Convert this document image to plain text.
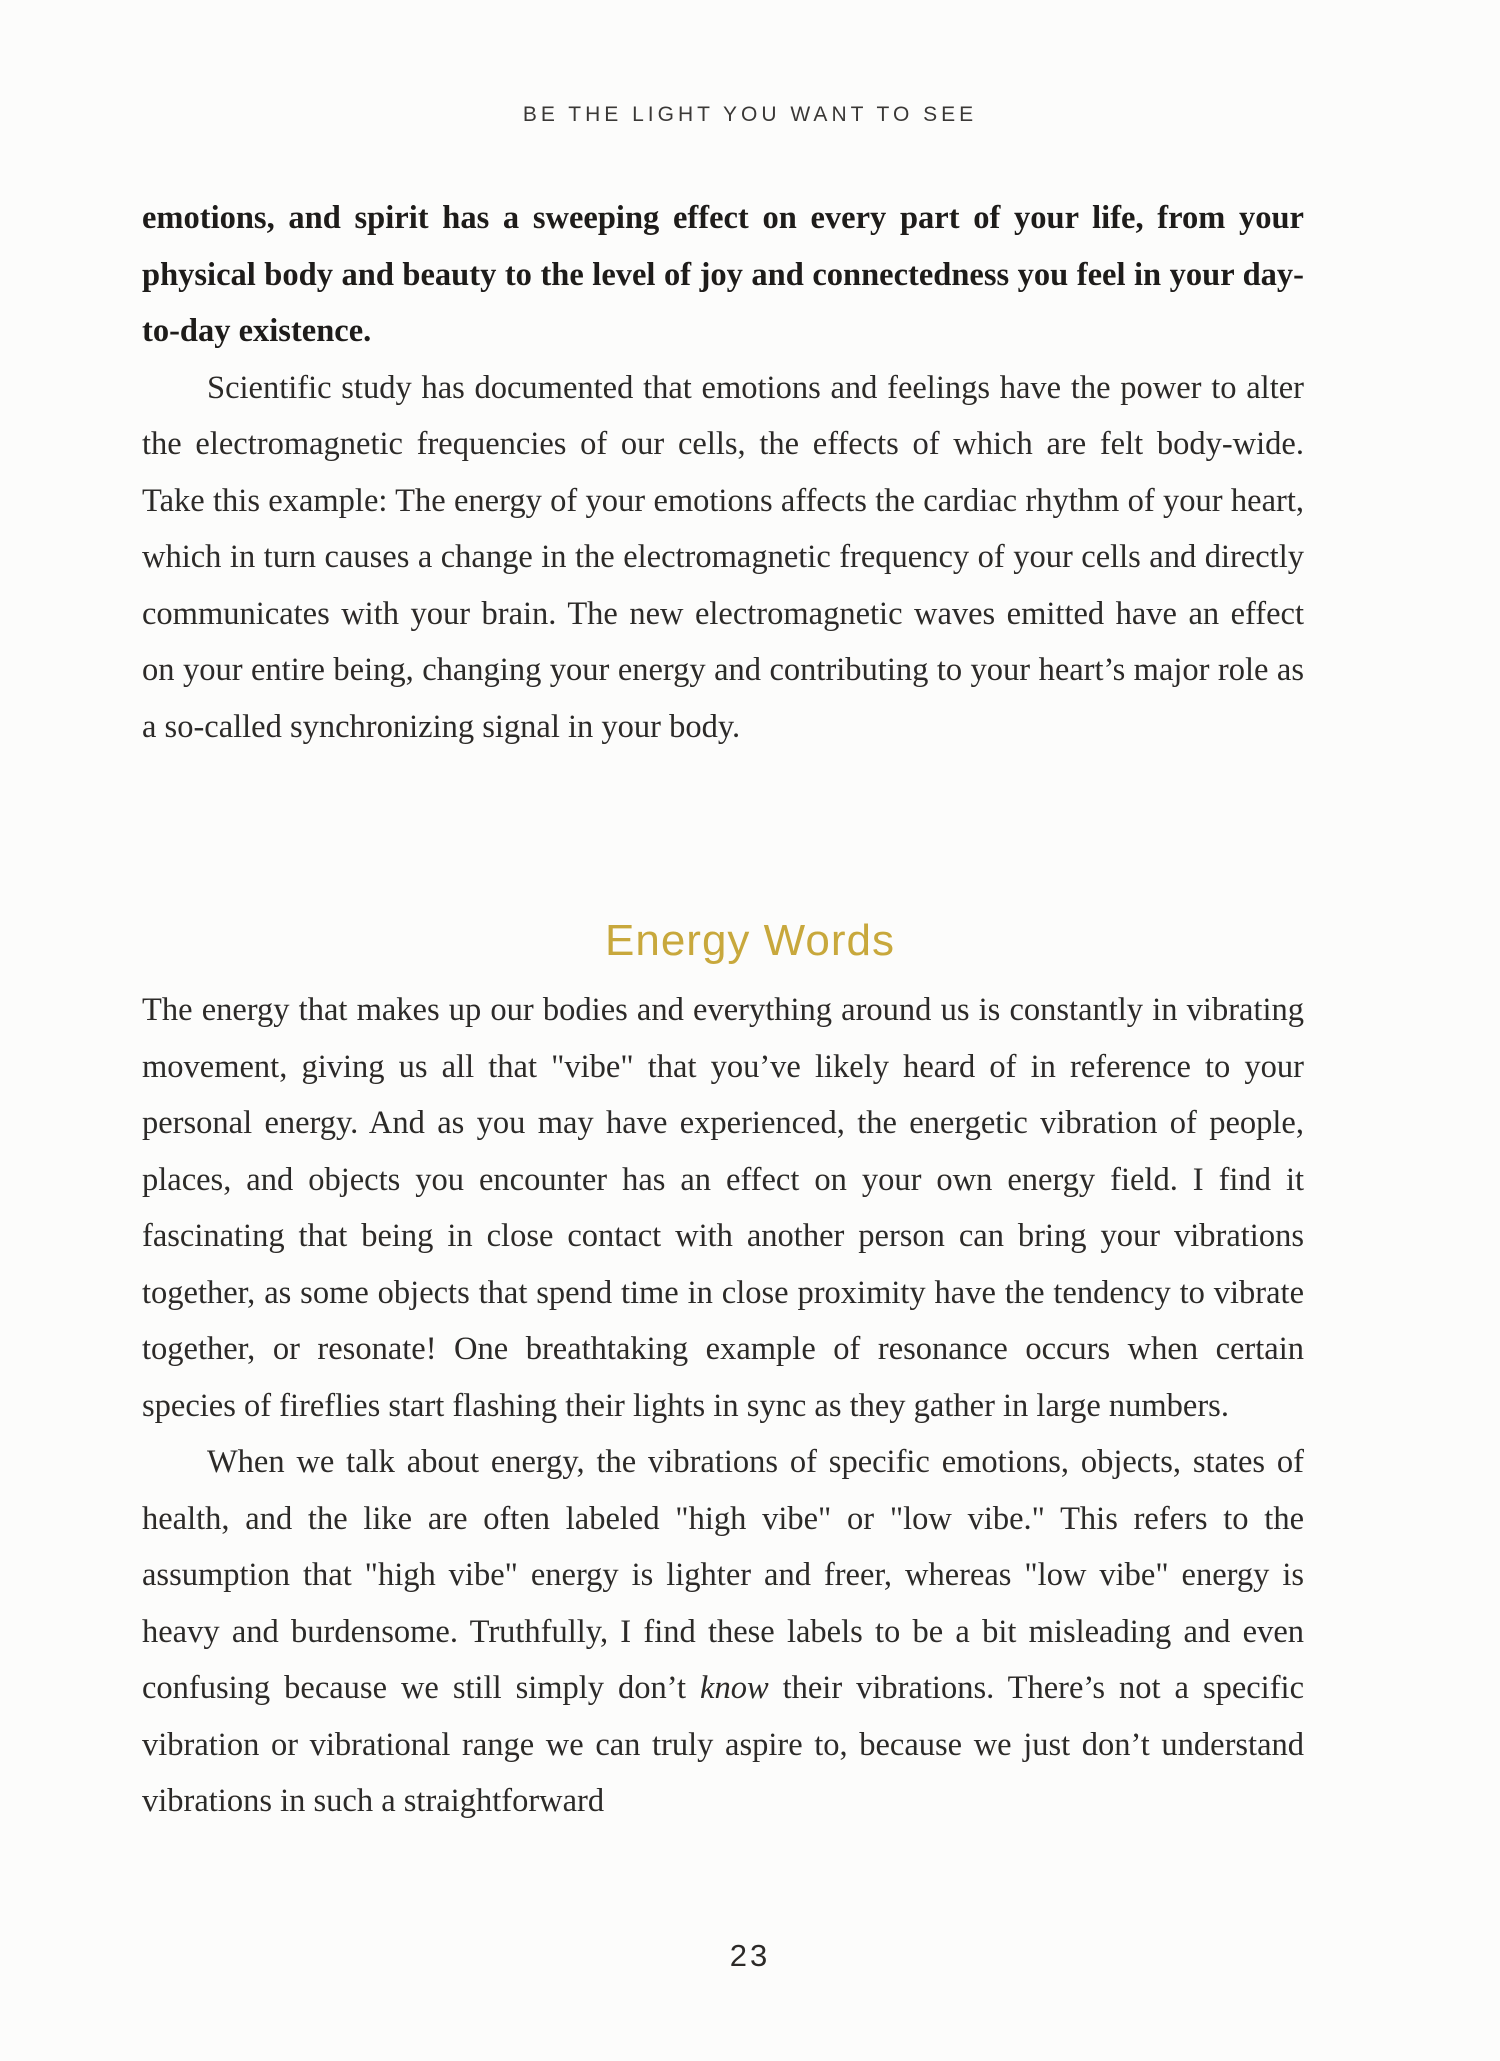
BE THE LIGHT YOU WANT TO SEE

emotions, and spirit has a sweeping effect on every part of your life, from your physical body and beauty to the level of joy and connectedness you feel in your day-to-day existence.

Scientific study has documented that emotions and feelings have the power to alter the electromagnetic frequencies of our cells, the effects of which are felt body-wide. Take this example: The energy of your emotions affects the cardiac rhythm of your heart, which in turn causes a change in the electromagnetic frequency of your cells and directly communicates with your brain. The new electromagnetic waves emitted have an effect on your entire being, changing your energy and contributing to your heart’s major role as a so-called synchronizing signal in your body.

Energy Words

The energy that makes up our bodies and everything around us is constantly in vibrating movement, giving us all that "vibe" that you’ve likely heard of in reference to your personal energy. And as you may have experienced, the energetic vibration of people, places, and objects you encounter has an effect on your own energy field. I find it fascinating that being in close contact with another person can bring your vibrations together, as some objects that spend time in close proximity have the tendency to vibrate together, or resonate! One breathtaking example of resonance occurs when certain species of fireflies start flashing their lights in sync as they gather in large numbers.

When we talk about energy, the vibrations of specific emotions, objects, states of health, and the like are often labeled "high vibe" or "low vibe." This refers to the assumption that "high vibe" energy is lighter and freer, whereas "low vibe" energy is heavy and burdensome. Truthfully, I find these labels to be a bit misleading and even confusing because we still simply don’t know their vibrations. There’s not a specific vibration or vibrational range we can truly aspire to, because we just don’t understand vibrations in such a straightforward

23
